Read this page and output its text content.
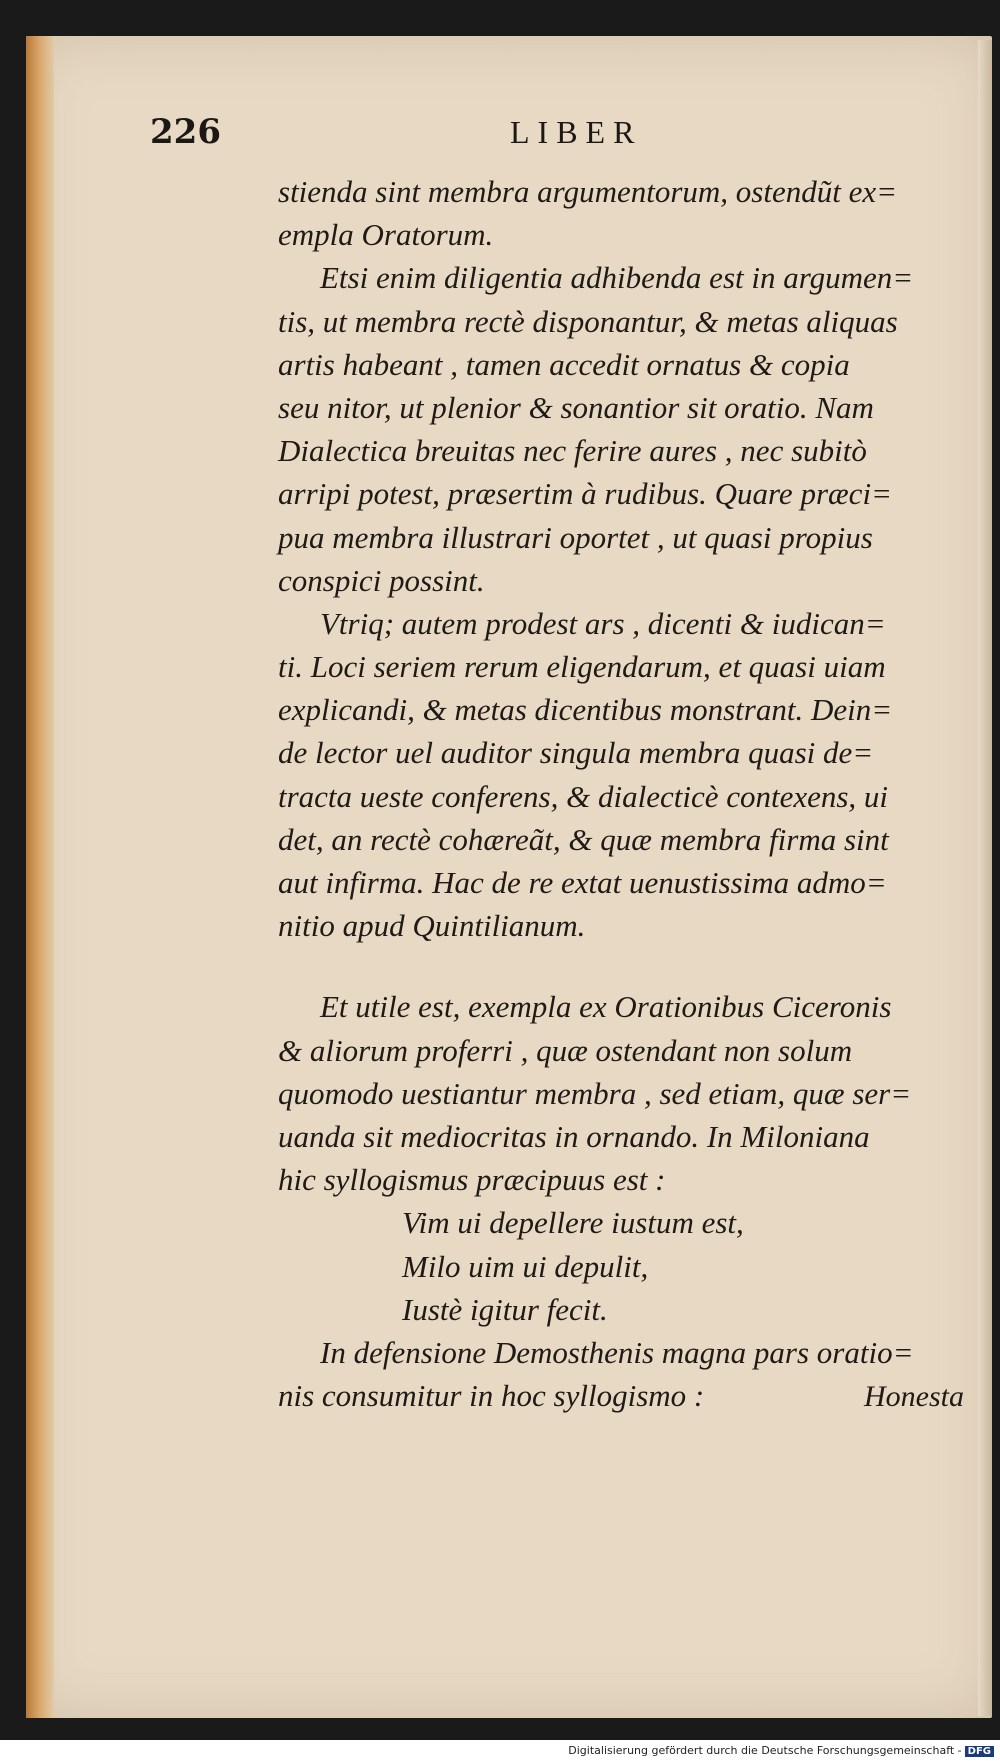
226	LIBER
stienda sint membra argumentorum, ostendũt ex=
empla Oratorum.
Etsi enim diligentia adhibenda est in argumen=
tis, ut membra rectè disponantur, & metas aliquas
artis habeant , tamen accedit ornatus & copia
seu nitor, ut plenior & sonantior sit oratio. Nam
Dialectica breuitas nec ferire aures , nec subitò
arripi potest, præsertim à rudibus. Quare præci=
pua membra illustrari oportet , ut quasi propius
conspici possint.
Vtriq; autem prodest ars , dicenti & iudican=
ti. Loci seriem rerum eligendarum, et quasi uiam
explicandi, & metas dicentibus monstrant. Dein=
de lector uel auditor singula membra quasi de=
tracta ueste conferens, & dialecticè contexens, ui
det, an rectè cohæreãt, & quæ membra firma sint
aut infirma. Hac de re extat uenustissima admo=
nitio apud Quintilianum.
Et utile est, exempla ex Orationibus Ciceronis
& aliorum proferri , quæ ostendant non solum
quomodo uestiantur membra , sed etiam, quæ ser=
uanda sit mediocritas in ornando. In Miloniana
hic syllogismus præcipuus est :
Vim ui depellere iustum est,
Milo uim ui depulit,
Iustè igitur fecit.
In defensione Demosthenis magna pars oratio=
nis consumitur in hoc syllogismo :	Honesta
Digitalisierung gefördert durch die Deutsche Forschungsgemeinschaft - DFG
